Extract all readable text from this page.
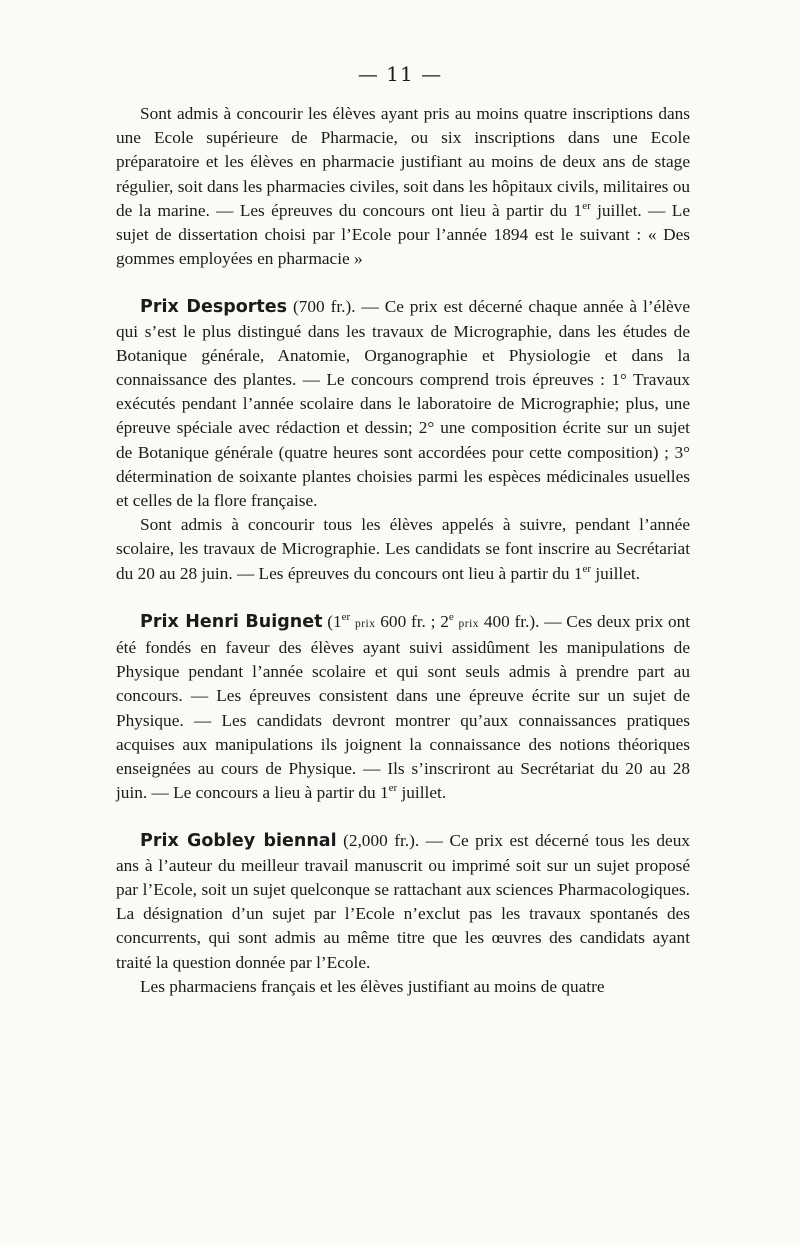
— 11 —

Sont admis à concourir les élèves ayant pris au moins quatre inscriptions dans une Ecole supérieure de Pharmacie, ou six inscriptions dans une Ecole préparatoire et les élèves en pharmacie justifiant au moins de deux ans de stage régulier, soit dans les pharmacies civiles, soit dans les hôpitaux civils, militaires ou de la marine. — Les épreuves du concours ont lieu à partir du 1er juillet. — Le sujet de dissertation choisi par l’Ecole pour l’année 1894 est le suivant : « Des gommes employées en pharmacie »

Prix Desportes (700 fr.). — Ce prix est décerné chaque année à l’élève qui s’est le plus distingué dans les travaux de Micrographie, dans les études de Botanique générale, Anatomie, Organographie et Physiologie et dans la connaissance des plantes. — Le concours comprend trois épreuves : 1° Travaux exécutés pendant l’année scolaire dans le laboratoire de Micrographie; plus, une épreuve spéciale avec rédaction et dessin; 2° une composition écrite sur un sujet de Botanique générale (quatre heures sont accordées pour cette composition) ; 3° détermination de soixante plantes choisies parmi les espèces médicinales usuelles et celles de la flore française.

Sont admis à concourir tous les élèves appelés à suivre, pendant l’année scolaire, les travaux de Micrographie. Les candidats se font inscrire au Secrétariat du 20 au 28 juin. — Les épreuves du concours ont lieu à partir du 1er juillet.

Prix Henri Buignet (1er prix 600 fr. ; 2e prix 400 fr.). — Ces deux prix ont été fondés en faveur des élèves ayant suivi assidûment les manipulations de Physique pendant l’année scolaire et qui sont seuls admis à prendre part au concours. — Les épreuves consistent dans une épreuve écrite sur un sujet de Physique. — Les candidats devront montrer qu’aux connaissances pratiques acquises aux manipulations ils joignent la connaissance des notions théoriques enseignées au cours de Physique. — Ils s’inscriront au Secrétariat du 20 au 28 juin. — Le concours a lieu à partir du 1er juillet.

Prix Gobley biennal (2,000 fr.). — Ce prix est décerné tous les deux ans à l’auteur du meilleur travail manuscrit ou imprimé soit sur un sujet proposé par l’Ecole, soit un sujet quelconque se rattachant aux sciences Pharmacologiques. La désignation d’un sujet par l’Ecole n’exclut pas les travaux spontanés des concurrents, qui sont admis au même titre que les œuvres des candidats ayant traité la question donnée par l’Ecole.

Les pharmaciens français et les élèves justifiant au moins de quatre
